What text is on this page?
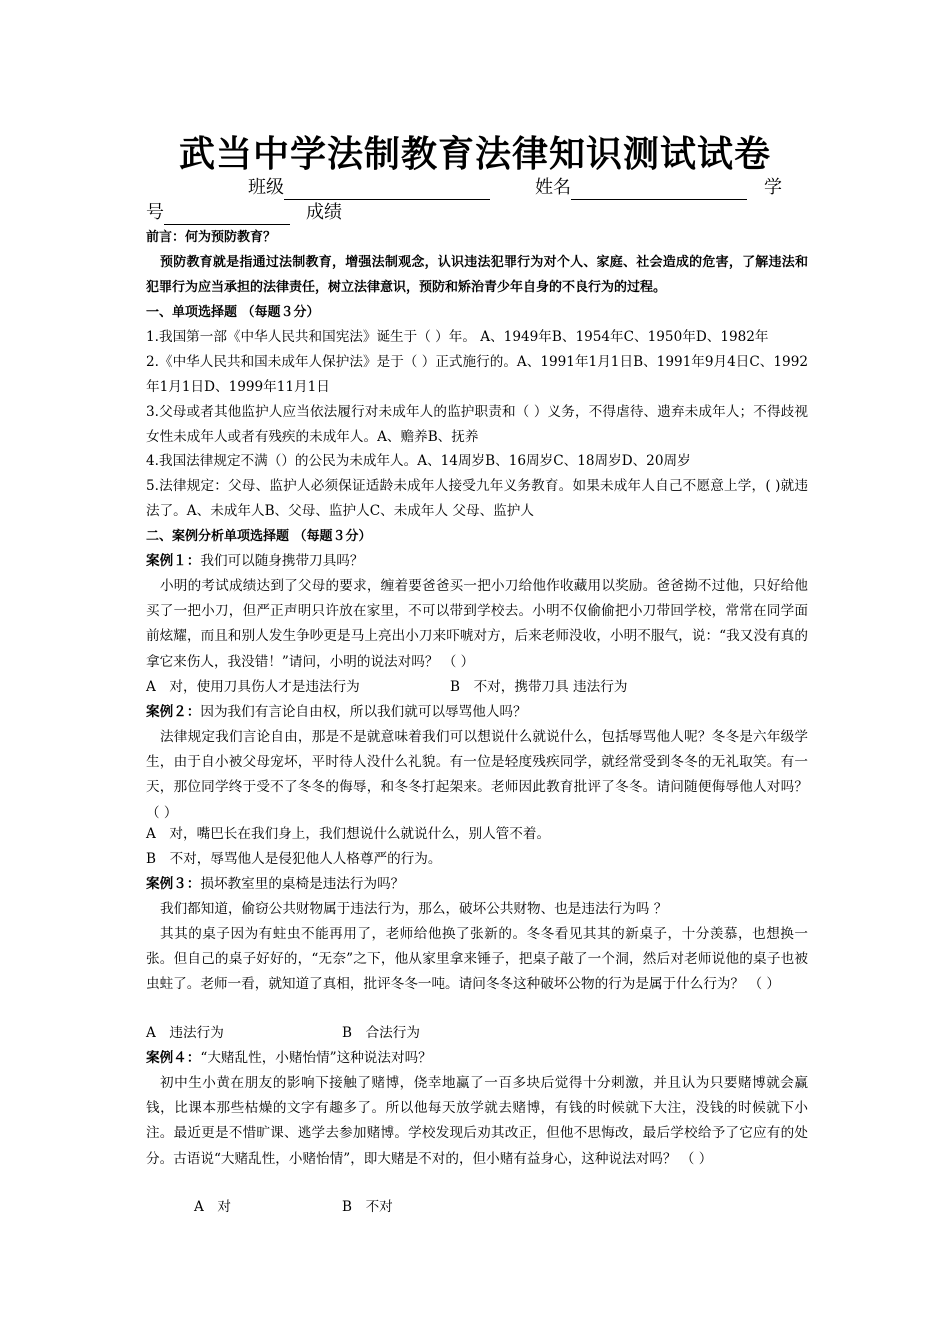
武当中学法制教育法律知识测试试卷
班级	姓名	学
号	成绩
前言：何为预防教育？
预防教育就是指通过法制教育，增强法制观念，认识违法犯罪行为对个人、家庭、社会造成的危害，了解违法和犯罪行为应当承担的法律责任，树立法律意识，预防和矫治青少年自身的不良行为的过程。
一、单项选择题 （每题３分）
1.我国第一部《中华人民共和国宪法》诞生于（ ）年。 A、1949年B、1954年C、1950年D、1982年
2.《中华人民共和国未成年人保护法》是于（ ）正式施行的。A、1991年1月1日B、1991年9月4日C、1992年1月1日D、1999年11月1日
3.父母或者其他监护人应当依法履行对未成年人的监护职责和（ ）义务，不得虐待、遗弃未成年人；不得歧视女性未成年人或者有残疾的未成年人。A、赡养B、抚养
4.我国法律规定不满（）的公民为未成年人。A、14周岁B、16周岁C、18周岁D、20周岁
5.法律规定：父母、监护人必须保证适龄未成年人接受九年义务教育。如果未成年人自己不愿意上学，( )就违法了。A、未成年人B、父母、监护人C、未成年人 父母、监护人
二、案例分析单项选择题 （每题３分）
案例１：我们可以随身携带刀具吗？
小明的考试成绩达到了父母的要求，缠着要爸爸买一把小刀给他作收藏用以奖励。爸爸拗不过他，只好给他买了一把小刀，但严正声明只许放在家里，不可以带到学校去。小明不仅偷偷把小刀带回学校，常常在同学面前炫耀，而且和别人发生争吵更是马上亮出小刀来吓唬对方，后来老师没收，小明不服气，说：“我又没有真的拿它来伤人，我没错！”请问，小明的说法对吗？ （ ）
A　对，使用刀具伤人才是违法行为	B　不对，携带刀具 违法行为
案例２：因为我们有言论自由权，所以我们就可以辱骂他人吗？
法律规定我们言论自由，那是不是就意味着我们可以想说什么就说什么，包括辱骂他人呢？冬冬是六年级学生，由于自小被父母宠坏，平时待人没什么礼貌。有一位是轻度残疾同学，就经常受到冬冬的无礼取笑。有一天，那位同学终于受不了冬冬的侮辱，和冬冬打起架来。老师因此教育批评了冬冬。请问随便侮辱他人对吗？ （ ）
A　对，嘴巴长在我们身上，我们想说什么就说什么，别人管不着。
B　不对，辱骂他人是侵犯他人人格尊严的行为。
案例３：损坏教室里的桌椅是违法行为吗？
我们都知道，偷窃公共财物属于违法行为，那么，破坏公共财物、也是违法行为吗 ？
其其的桌子因为有蛀虫不能再用了，老师给他换了张新的。冬冬看见其其的新桌子，十分羡慕，也想换一张。但自己的桌子好好的，“无奈”之下，他从家里拿来锤子，把桌子敲了一个洞，然后对老师说他的桌子也被虫蛀了。老师一看，就知道了真相，批评冬冬一吨。请问冬冬这种破坏公物的行为是属于什么行为？ （ ）
A　违法行为	B　合法行为
案例４：“大赌乱性，小赌怡情”这种说法对吗？
初中生小黄在朋友的影响下接触了赌博，侥幸地赢了一百多块后觉得十分刺激，并且认为只要赌博就会赢钱，比课本那些枯燥的文字有趣多了。所以他每天放学就去赌博，有钱的时候就下大注，没钱的时候就下小注。最近更是不惜旷课、逃学去参加赌博。学校发现后劝其改正，但他不思悔改，最后学校给予了它应有的处分。古语说“大赌乱性，小赌怡情”，即大赌是不对的，但小赌有益身心，这种说法对吗？ （ ）
A　对	B　不对
